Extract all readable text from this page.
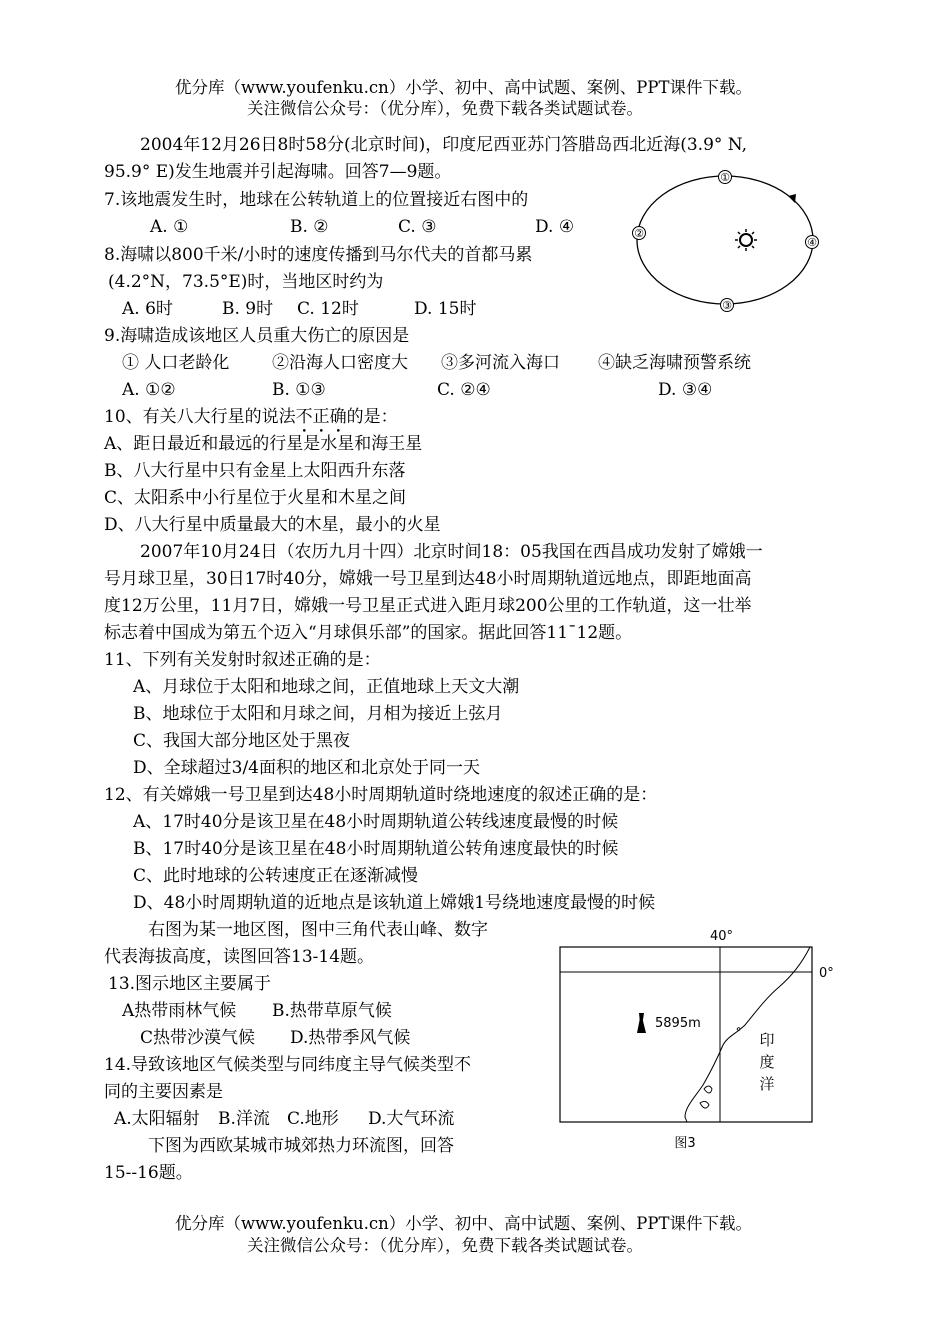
优分库（www.youfenku.cn）小学、初中、高中试题、案例、PPT课件下载。
关注微信公众号：（优分库），免费下载各类试题试卷。
2004年12月26日8时58分(北京时间)，印度尼西亚苏门答腊岛西北近海(3.9° N,
95.9° E)发生地震并引起海啸。回答7—9题。
7.该地震发生时，地球在公转轨道上的位置接近右图中的
A. ①	B. ②	C. ③	D. ④
8.海啸以800千米/小时的速度传播到马尔代夫的首都马累
(4.2°N，73.5°E)时，当地区时约为
A. 6时	B. 9时 C. 12时	D. 15时
9.海啸造成该地区人员重大伤亡的原因是
① 人口老龄化	②沿海人口密度大 ③多河流入海口 ④缺乏海啸预警系统
A. ①②	B. ①③	C. ②④	D. ③④
10、有关八大行星的说法不正确的是：
A、距日最近和最远的行星是水星和海王星
B、八大行星中只有金星上太阳西升东落
C、太阳系中小行星位于火星和木星之间
D、八大行星中质量最大的木星，最小的火星
2007年10月24日（农历九月十四）北京时间18：05我国在西昌成功发射了嫦娥一
号月球卫星，30日17时40分，嫦娥一号卫星到达48小时周期轨道远地点，即距地面高
度12万公里，11月7日，嫦娥一号卫星正式进入距月球200公里的工作轨道，这一壮举
标志着中国成为第五个迈入“月球俱乐部”的国家。据此回答11¯12题。
11、下列有关发射时叙述正确的是：
A、月球位于太阳和地球之间，正值地球上天文大潮
B、地球位于太阳和月球之间，月相为接近上弦月
C、我国大部分地区处于黑夜
D、全球超过3/4面积的地区和北京处于同一天
12、有关嫦娥一号卫星到达48小时周期轨道时绕地速度的叙述正确的是：
A、17时40分是该卫星在48小时周期轨道公转线速度最慢的时候
B、17时40分是该卫星在48小时周期轨道公转角速度最快的时候
C、此时地球的公转速度正在逐渐减慢
D、48小时周期轨道的近地点是该轨道上嫦娥1号绕地速度最慢的时候
右图为某一地区图，图中三角代表山峰、数字
代表海拔高度，读图回答13-14题。
13.图示地区主要属于
A热带雨林气候 B.热带草原气候
C热带沙漠气候 D.热带季风气候
14.导致该地区气候类型与同纬度主导气候类型不
同的主要因素是
A.太阳辐射 B.洋流 C.地形 D.大气环流
下图为西欧某城市城郊热力环流图，回答
15--16题。
优分库（www.youfenku.cn）小学、初中、高中试题、案例、PPT课件下载。
关注微信公众号：（优分库），免费下载各类试题试卷。
①
②
③
④
40°
0°
5895m
印
度
洋
图3
